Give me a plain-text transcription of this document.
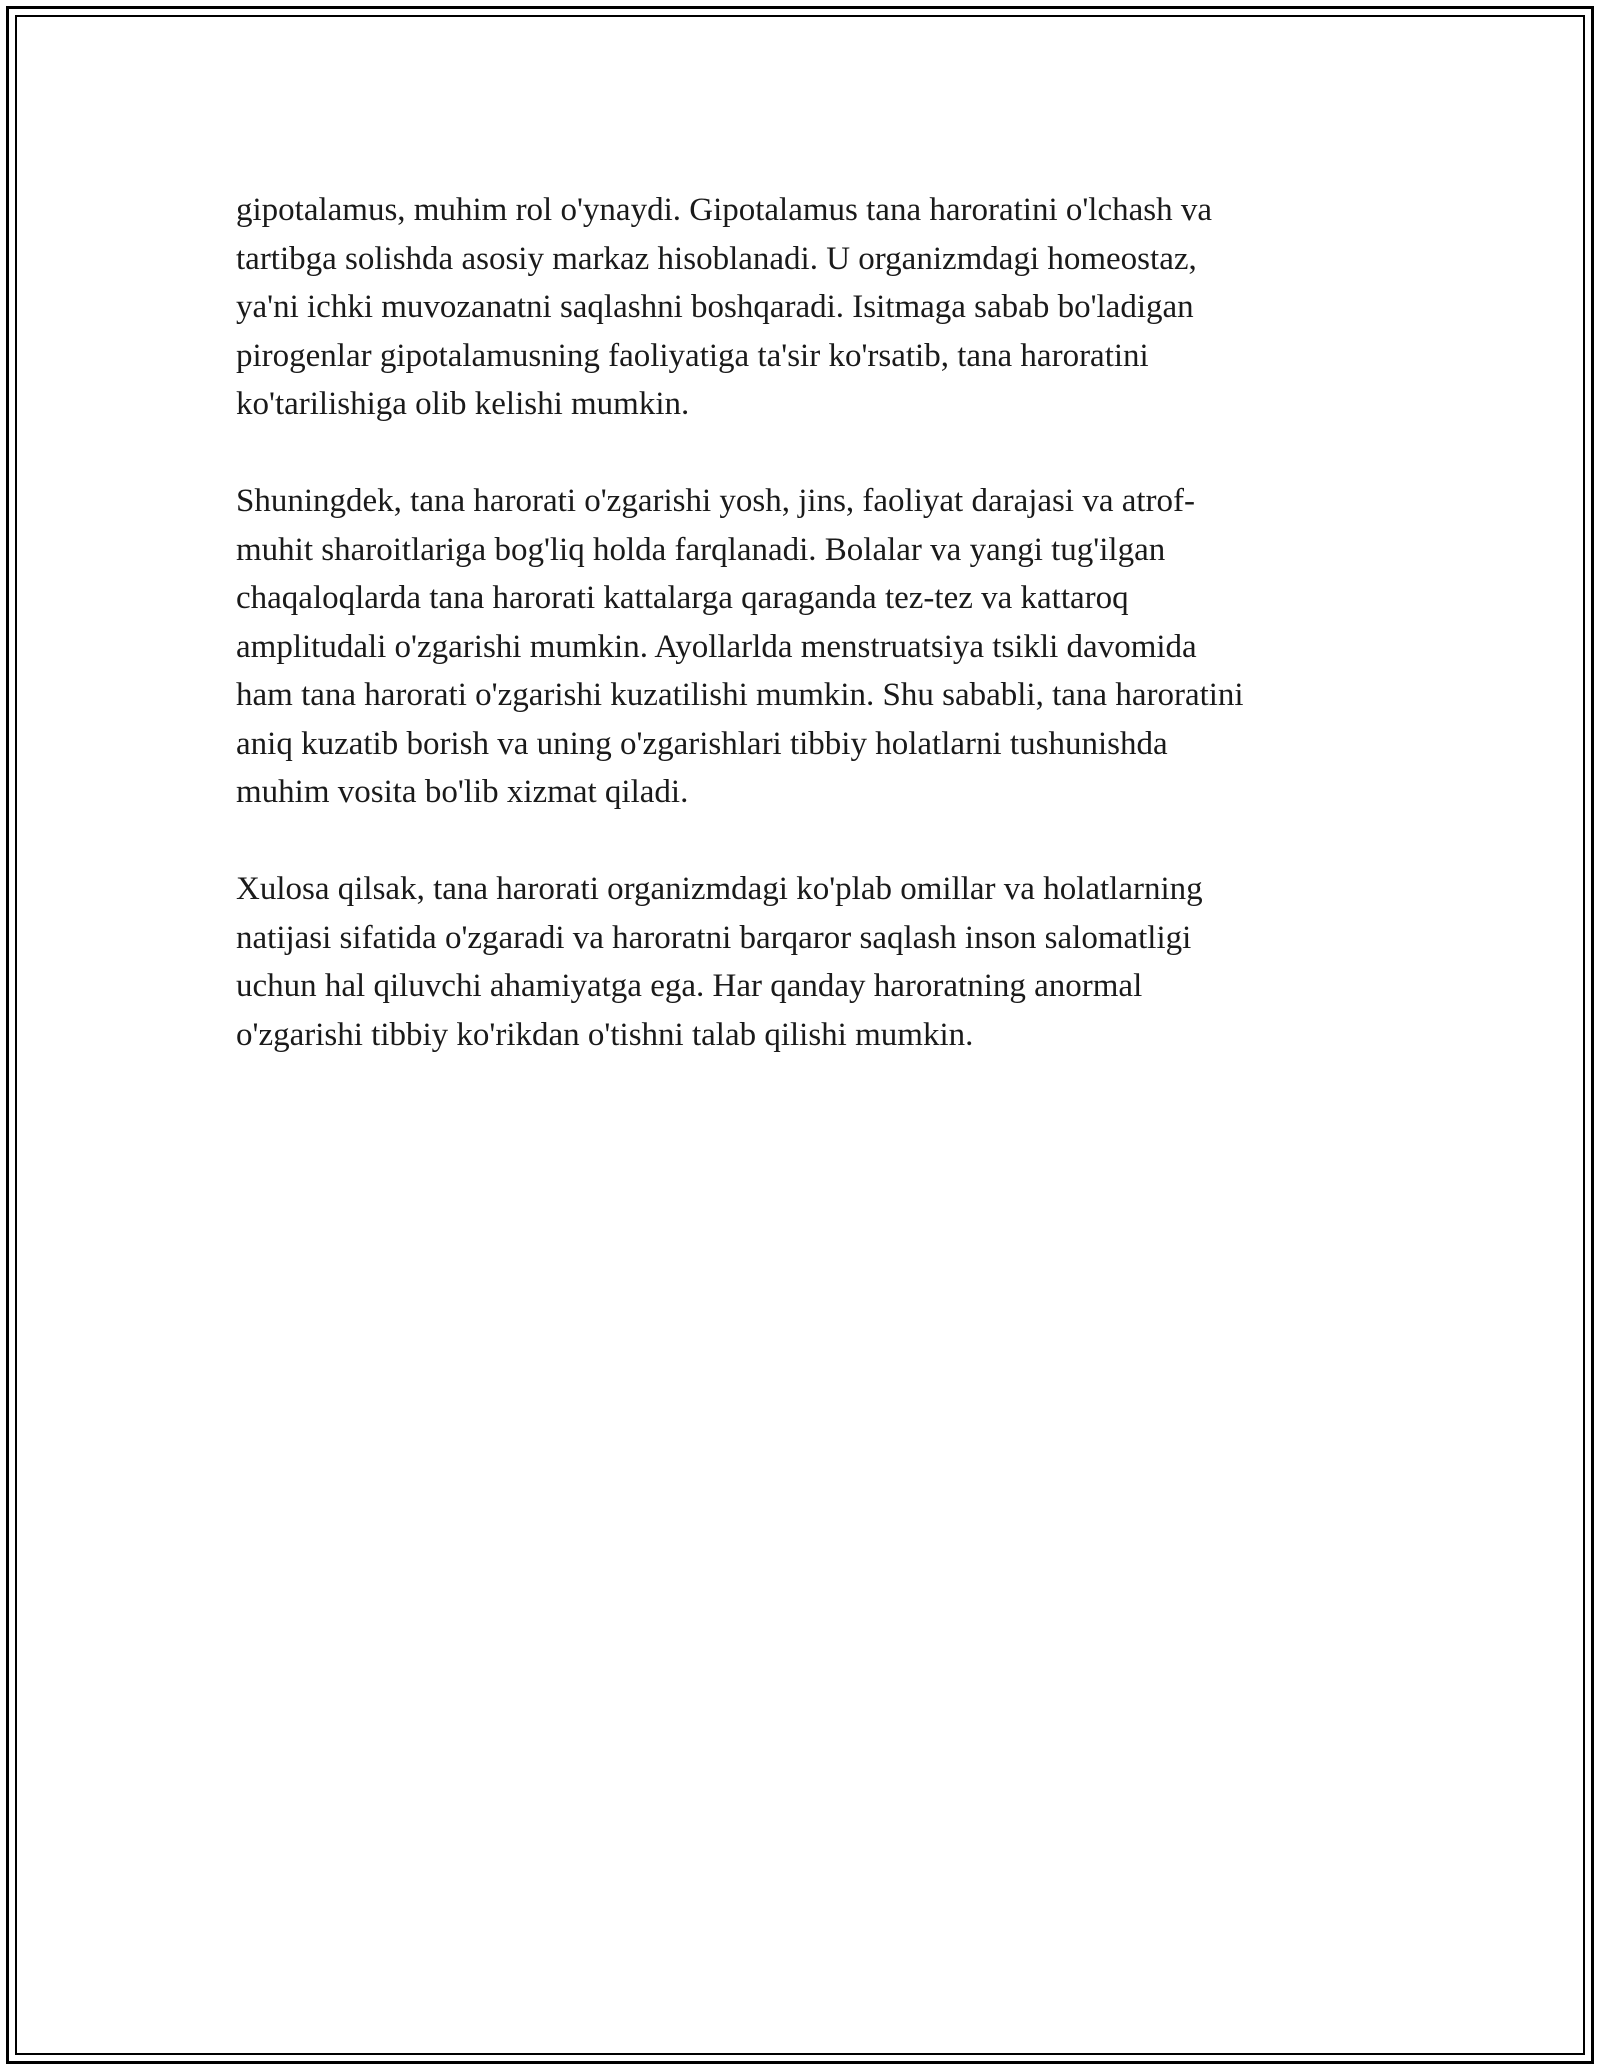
gipotalamus, muhim rol o'ynaydi. Gipotalamus tana haroratini o'lchash va
tartibga solishda asosiy markaz hisoblanadi. U organizmdagi homeostaz,
ya'ni ichki muvozanatni saqlashni boshqaradi. Isitmaga sabab bo'ladigan
pirogenlar gipotalamusning faoliyatiga ta'sir ko'rsatib, tana haroratini
ko'tarilishiga olib kelishi mumkin.

Shuningdek, tana harorati o'zgarishi yosh, jins, faoliyat darajasi va atrof-
muhit sharoitlariga bog'liq holda farqlanadi. Bolalar va yangi tug'ilgan
chaqaloqlarda tana harorati kattalarga qaraganda tez-tez va kattaroq
amplitudali o'zgarishi mumkin. Ayollarlda menstruatsiya tsikli davomida
ham tana harorati o'zgarishi kuzatilishi mumkin. Shu sababli, tana haroratini
aniq kuzatib borish va uning o'zgarishlari tibbiy holatlarni tushunishda
muhim vosita bo'lib xizmat qiladi.

Xulosa qilsak, tana harorati organizmdagi ko'plab omillar va holatlarning
natijasi sifatida o'zgaradi va haroratni barqaror saqlash inson salomatligi
uchun hal qiluvchi ahamiyatga ega. Har qanday haroratning anormal
o'zgarishi tibbiy ko'rikdan o'tishni talab qilishi mumkin.
